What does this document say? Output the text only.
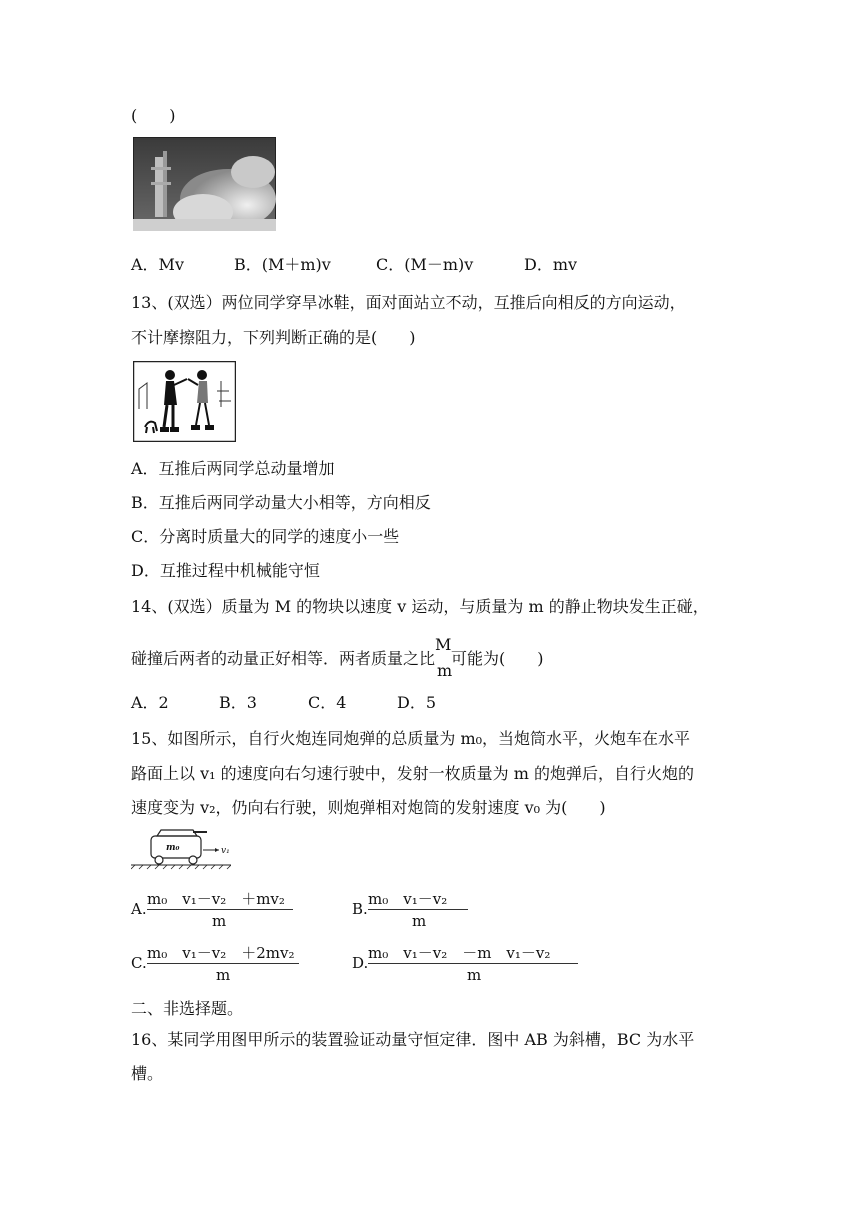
(　　)
A．Mv	B．(M＋m)v	C．(M－m)v	D．mv
13、(双选）两位同学穿旱冰鞋，面对面站立不动，互推后向相反的方向运动，
不计摩擦阻力，下列判断正确的是(　　)
A．互推后两同学总动量增加
B．互推后两同学动量大小相等，方向相反
C．分离时质量大的同学的速度小一些
D．互推过程中机械能守恒
14、(双选）质量为 M 的物块以速度 v 运动，与质量为 m 的静止物块发生正碰，
碰撞后两者的动量正好相等．两者质量之比
M
m
可能为(　　)
A．2	B．3	C．4	D．5
15、如图所示，自行火炮连同炮弹的总质量为 m₀，当炮筒水平，火炮车在水平
路面上以 v₁ 的速度向右匀速行驶中，发射一枚质量为 m 的炮弹后，自行火炮的
速度变为 v₂，仍向右行驶，则炮弹相对炮筒的发射速度 v₀ 为(　　)
m₀	v₁
A.
m₀ v₁－v₂ ＋mv₂
m
B.
m₀ v₁－v₂
m
C.
m₀ v₁－v₂ ＋2mv₂
m
D.
m₀ v₁－v₂ －m v₁－v₂
m
二、非选择题。
16、某同学用图甲所示的装置验证动量守恒定律．图中 AB 为斜槽，BC 为水平
槽。
